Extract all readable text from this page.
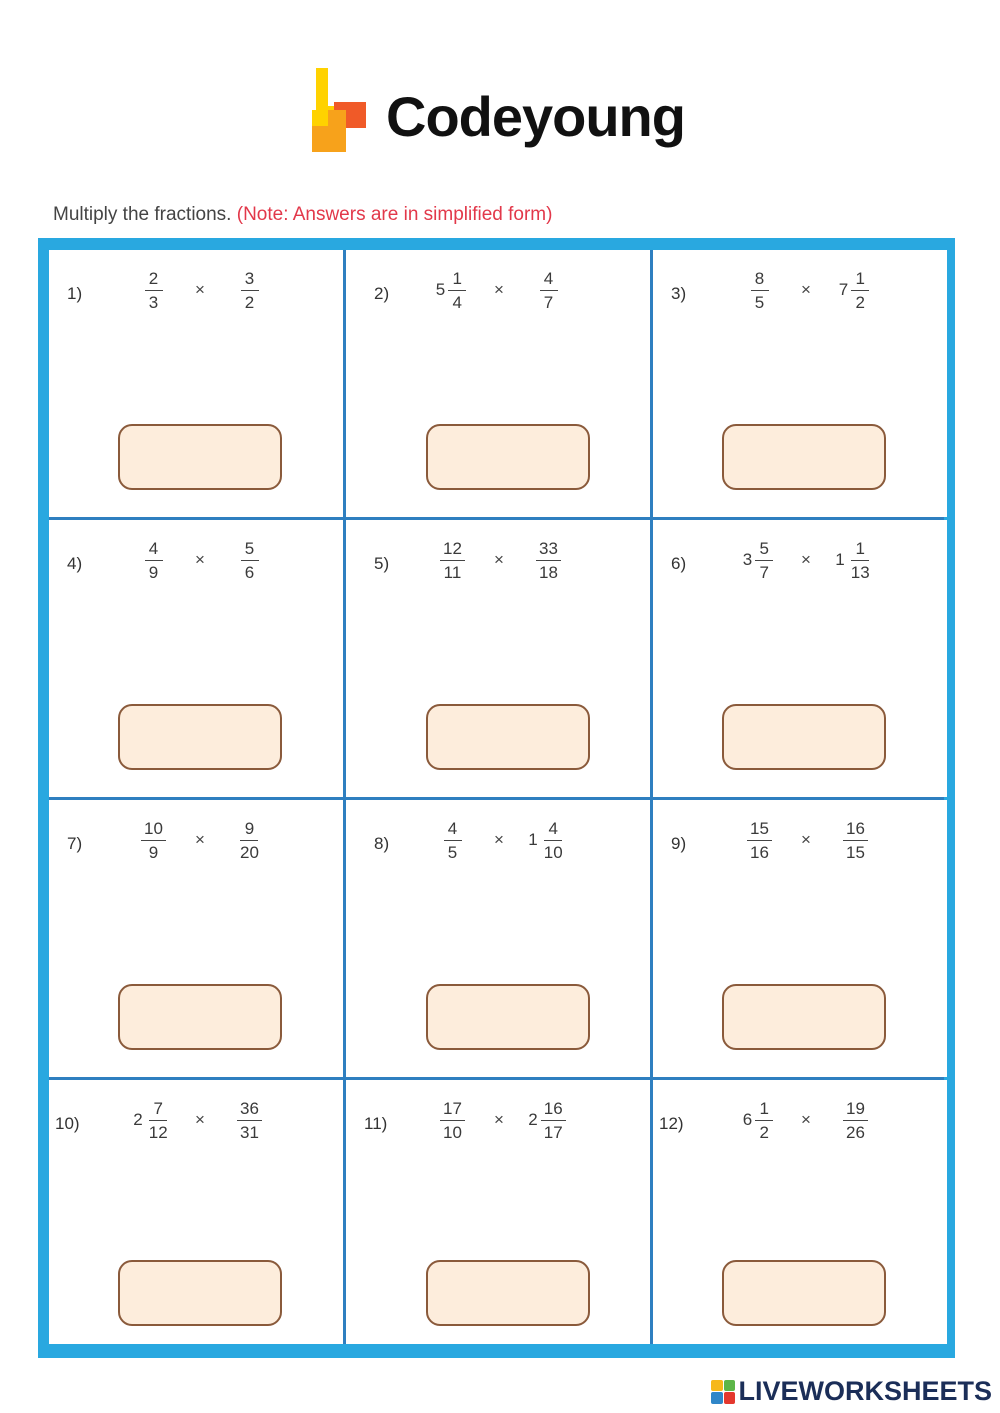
Codeyoung
Multiply the fractions. (Note: Answers are in simplified form)
1)	$\frac{2}{3}$	×	$\frac{3}{2}$	2)	$5 \frac{1}{4}$	×	$\frac{4}{7}$	3)	$\frac{8}{5}$	×	$7 \frac{1}{2}$
4)	$\frac{4}{9}$	×	$\frac{5}{6}$	5)	$\frac{12}{11}$	×	$\frac{33}{18}$	6)	$3 \frac{5}{7}$	×	$1 \frac{1}{13}$
7)	$\frac{10}{9}$	×	$\frac{9}{20}$	8)	$\frac{4}{5}$	×	$1 \frac{4}{10}$	9)	$\frac{15}{16}$	×	$\frac{16}{15}$
10)	$2 \frac{7}{12}$	×	$\frac{36}{31}$	11)	$\frac{17}{10}$	×	$2 \frac{16}{17}$	12)	$6 \frac{1}{2}$	×	$\frac{19}{26}$
LIVEWORKSHEETS
